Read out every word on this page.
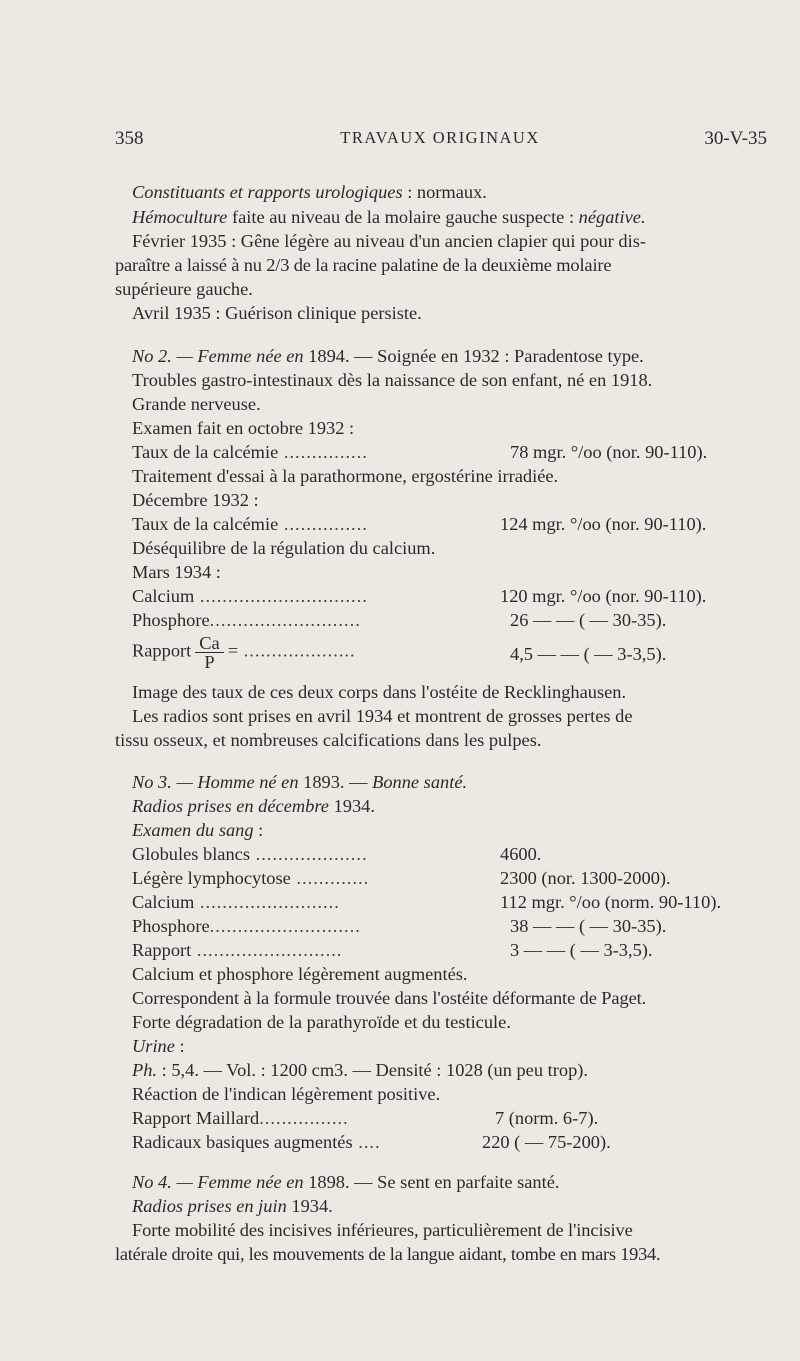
358	TRAVAUX ORIGINAUX	30-V-35
Constituants et rapports urologiques : normaux.
Hémoculture faite au niveau de la molaire gauche suspecte : négative.
Février 1935 : Gêne légère au niveau d'un ancien clapier qui pour dis-
paraître a laissé à nu 2/3 de la racine palatine de la deuxième molaire
supérieure gauche.
Avril 1935 : Guérison clinique persiste.
No 2. — Femme née en 1894. — Soignée en 1932 : Paradentose type.
Troubles gastro-intestinaux dès la naissance de son enfant, né en 1918.
Grande nerveuse.
Examen fait en octobre 1932 :
Taux de la calcémie ...............	78 mgr. °/oo (nor. 90-110).
Traitement d'essai à la parathormone, ergostérine irradiée.
Décembre 1932 :
Taux de la calcémie ...............	124 mgr. °/oo (nor. 90-110).
Déséquilibre de la régulation du calcium.
Mars 1934 :
Calcium ..............................	120 mgr. °/oo (nor. 90-110).
Phosphore...........................	26 — — ( — 30-35).
Rapport $\frac{Ca}{P}$ = ....................	4,5 — — ( — 3-3,5).
Image des taux de ces deux corps dans l'ostéite de Recklinghausen.
Les radios sont prises en avril 1934 et montrent de grosses pertes de
tissu osseux, et nombreuses calcifications dans les pulpes.
No 3. — Homme né en 1893. — Bonne santé.
Radios prises en décembre 1934.
Examen du sang :
Globules blancs ....................	4600.
Légère lymphocytose .............	2300 (nor. 1300-2000).
Calcium .........................	112 mgr. °/oo (norm. 90-110).
Phosphore...........................	38 — — ( — 30-35).
Rapport ..........................	3 — — ( — 3-3,5).
Calcium et phosphore légèrement augmentés.
Correspondent à la formule trouvée dans l'ostéite déformante de Paget.
Forte dégradation de la parathyroïde et du testicule.
Urine :
Ph. : 5,4. — Vol. : 1200 cm3. — Densité : 1028 (un peu trop).
Réaction de l'indican légèrement positive.
Rapport Maillard................	7 (norm. 6-7).
Radicaux basiques augmentés ....	220 ( — 75-200).
No 4. — Femme née en 1898. — Se sent en parfaite santé.
Radios prises en juin 1934.
Forte mobilité des incisives inférieures, particulièrement de l'incisive
latérale droite qui, les mouvements de la langue aidant, tombe en mars 1934.
